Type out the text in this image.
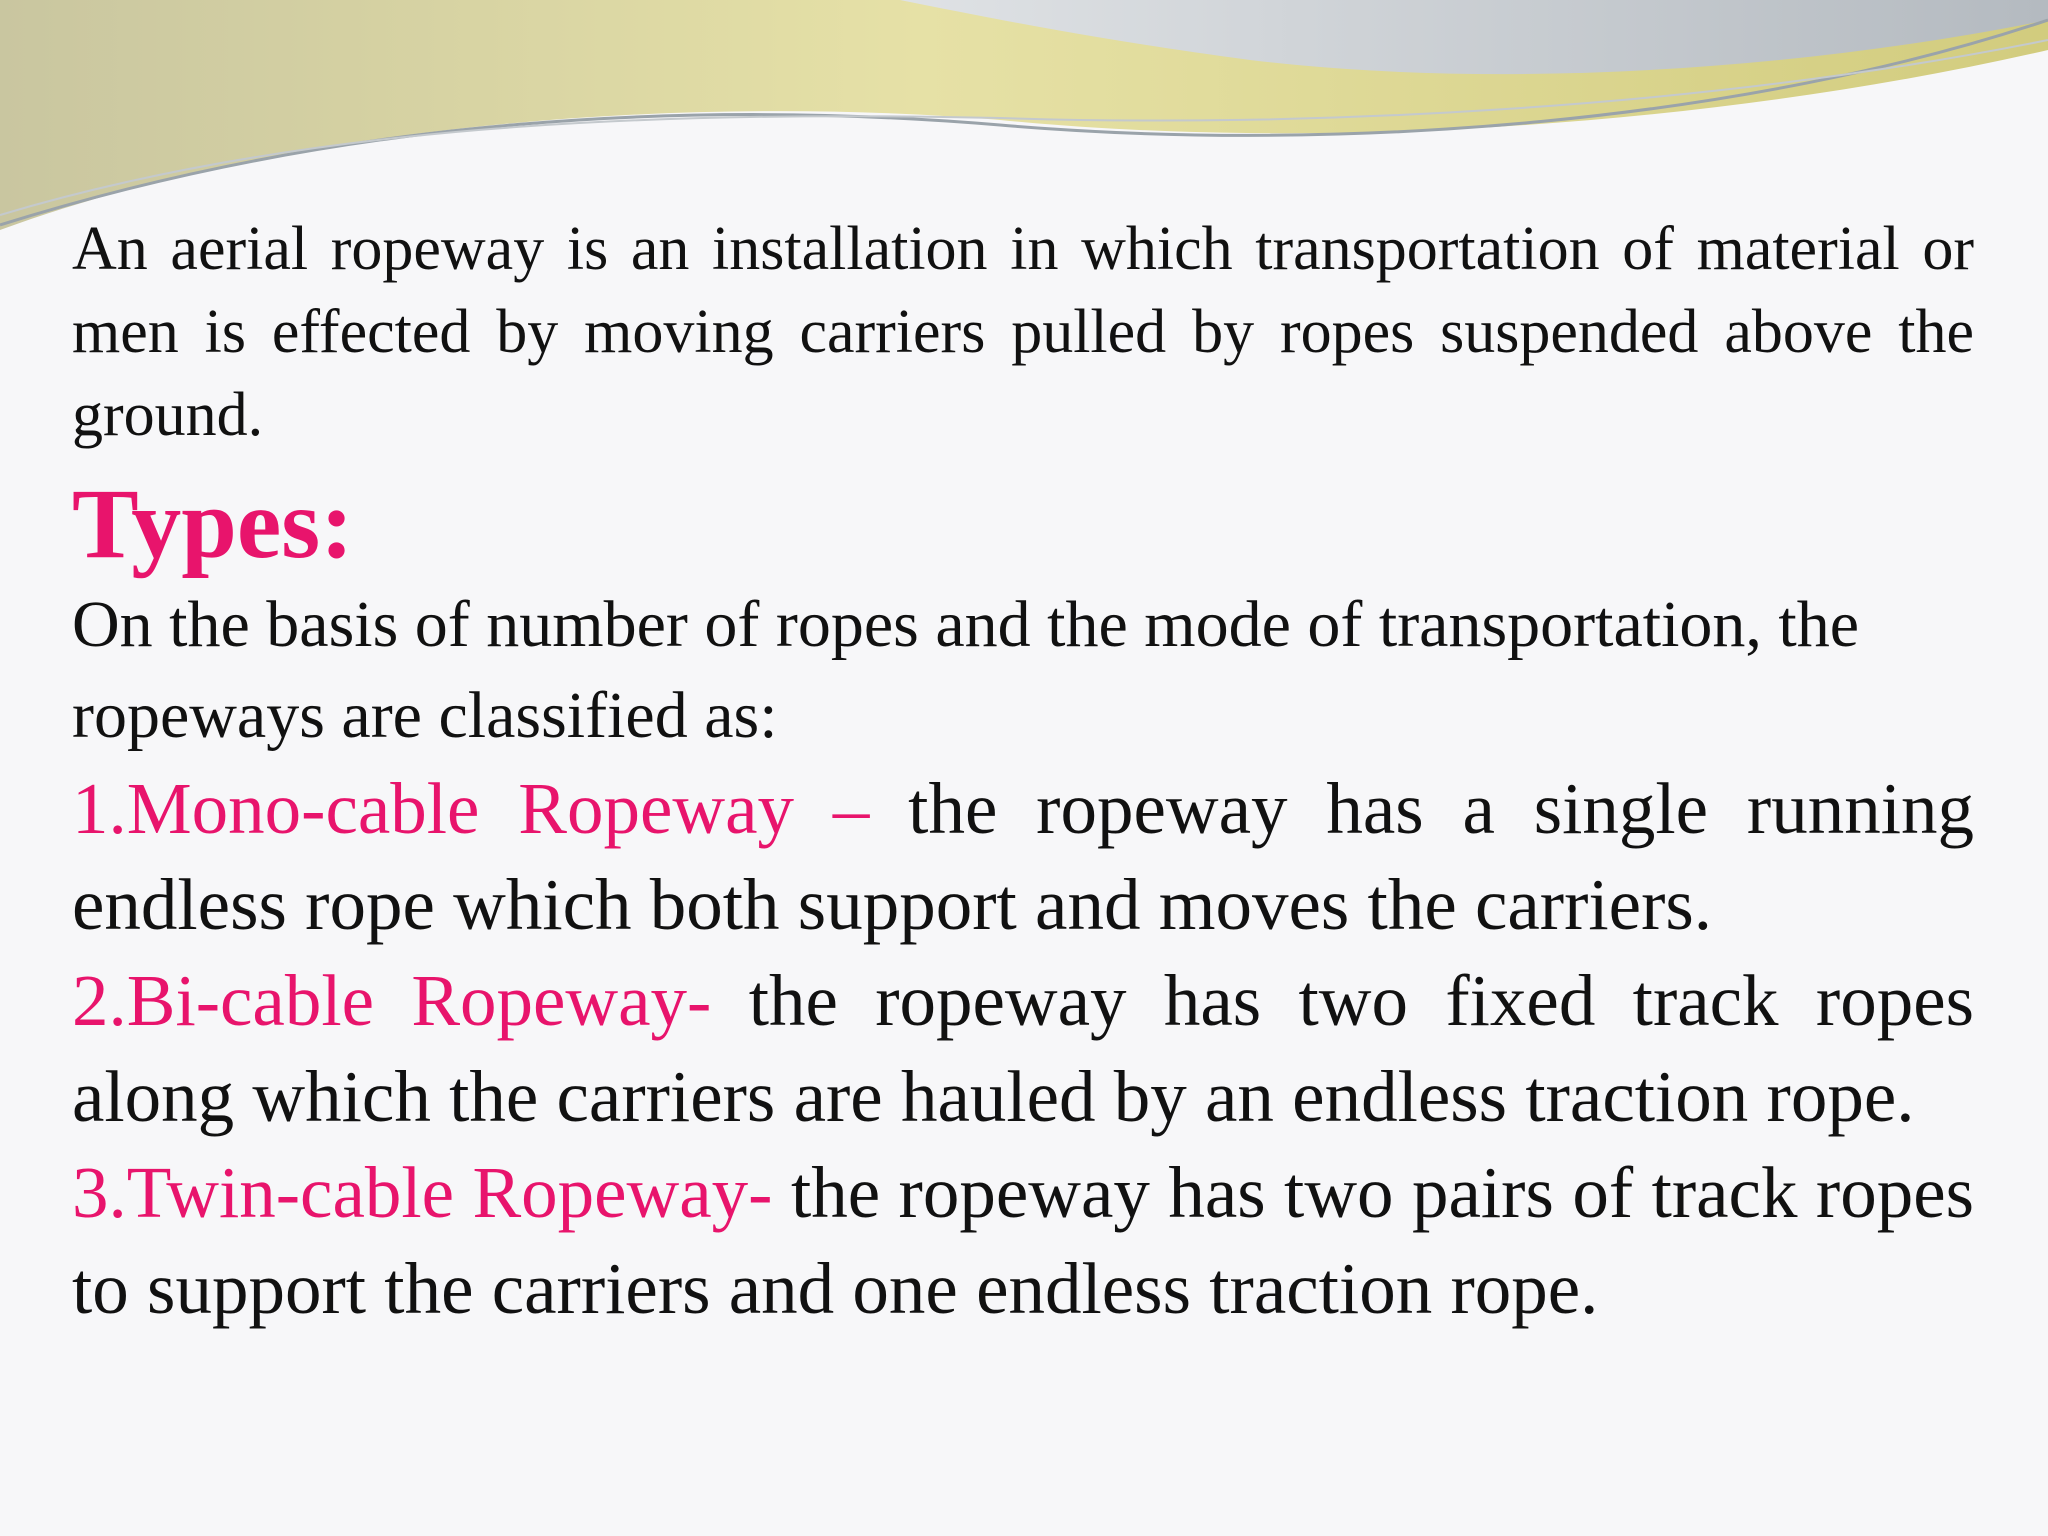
An aerial ropeway is an installation in which transportation of material or men is effected by moving carriers pulled by ropes suspended above the ground.

Types:

On the basis of number of ropes and the mode of transportation, the ropeways are classified as:

1.Mono-cable Ropeway – the ropeway has a single running endless rope which both support and moves the carriers.

2.Bi-cable Ropeway- the ropeway has two fixed track ropes along which the carriers are hauled by an endless traction rope.

3.Twin-cable Ropeway- the ropeway has two pairs of track ropes to support the carriers and one endless traction rope.
